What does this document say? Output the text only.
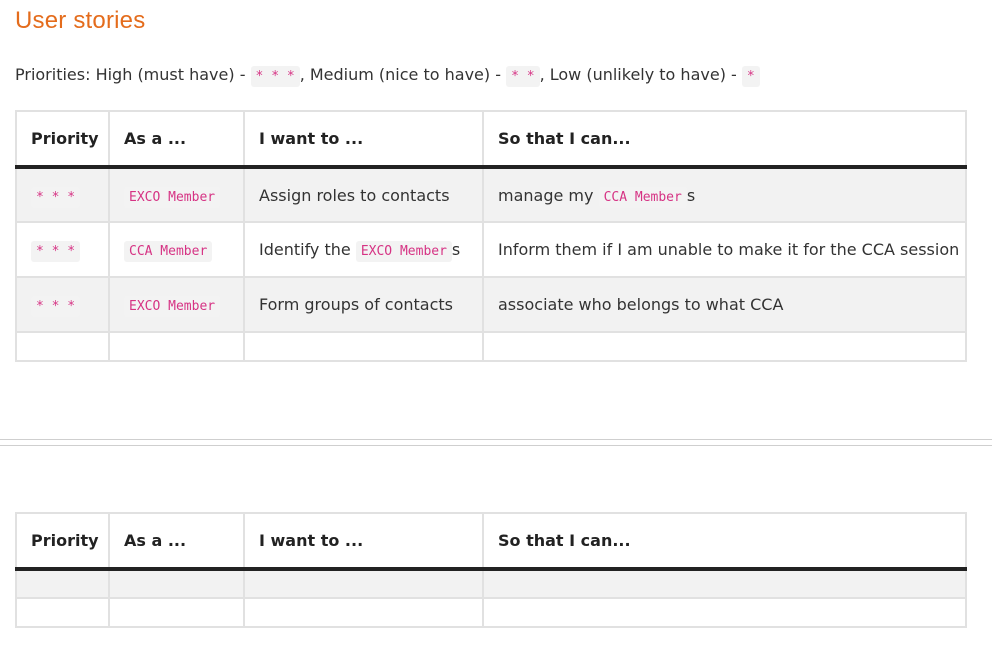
User stories
Priorities: High (must have) - * * * , Medium (nice to have) - * * , Low (unlikely to have) - *
Priority	As a ...	I want to ...	So that I can...
* * *	EXCO Member	Assign roles to contacts	manage my CCA Member s
* * *	CCA Member	Identify the EXCO Member s	Inform them if I am unable to make it for the CCA session
* * *	EXCO Member	Form groups of contacts	associate who belongs to what CCA

Priority	As a ...	I want to ...	So that I can...
